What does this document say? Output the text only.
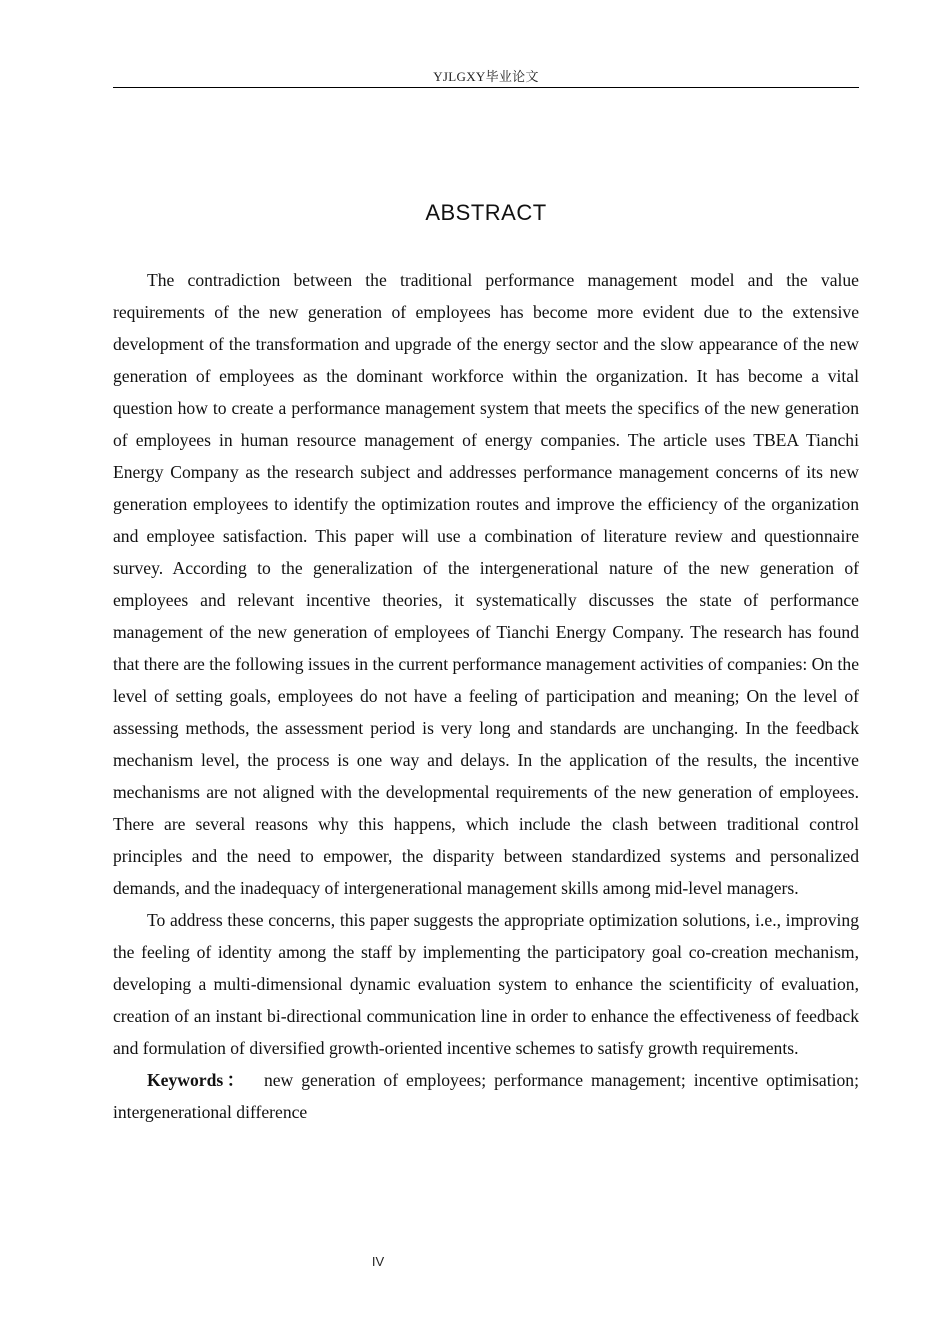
YJLGXY毕业论文
ABSTRACT

The contradiction between the traditional performance management model and the value requirements of the new generation of employees has become more evident due to the extensive development of the transformation and upgrade of the energy sector and the slow appearance of the new generation of employees as the dominant workforce within the organization. It has become a vital question how to create a performance management system that meets the specifics of the new generation of employees in human resource management of energy companies. The article uses TBEA Tianchi Energy Company as the research subject and addresses performance management concerns of its new generation employees to identify the optimization routes and improve the efficiency of the organization and employee satisfaction. This paper will use a combination of literature review and questionnaire survey. According to the generalization of the intergenerational nature of the new generation of employees and relevant incentive theories, it systematically discusses the state of performance management of the new generation of employees of Tianchi Energy Company. The research has found that there are the following issues in the current performance management activities of companies: On the level of setting goals, employees do not have a feeling of participation and meaning; On the level of assessing methods, the assessment period is very long and standards are unchanging. In the feedback mechanism level, the process is one way and delays. In the application of the results, the incentive mechanisms are not aligned with the developmental requirements of the new generation of employees. There are several reasons why this happens, which include the clash between traditional control principles and the need to empower, the disparity between standardized systems and personalized demands, and the inadequacy of intergenerational management skills among mid-level managers.

To address these concerns, this paper suggests the appropriate optimization solutions, i.e., improving the feeling of identity among the staff by implementing the participatory goal co-creation mechanism, developing a multi-dimensional dynamic evaluation system to enhance the scientificity of evaluation, creation of an instant bi-directional communication line in order to enhance the effectiveness of feedback and formulation of diversified growth-oriented incentive schemes to satisfy growth requirements.

Keywords： new generation of employees; performance management; incentive optimisation; intergenerational difference

IV
